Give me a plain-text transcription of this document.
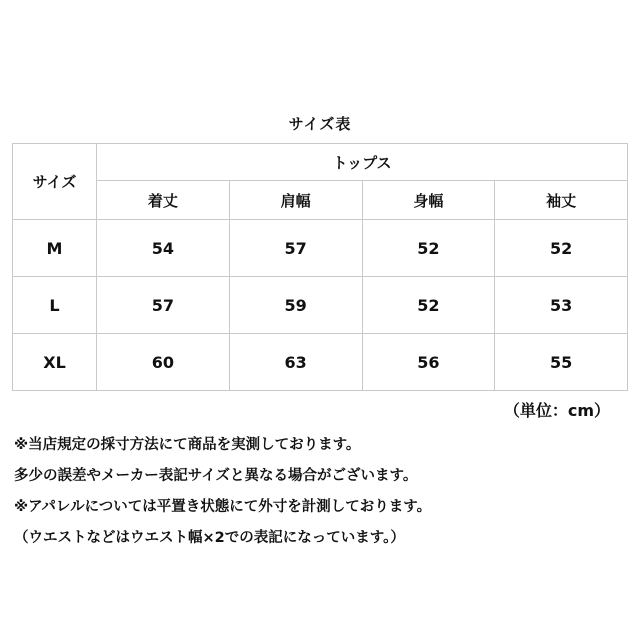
サイズ表
サイズ	トップス			
	着丈	肩幅	身幅	袖丈
M	54	57	52	52
L	57	59	52	53
XL	60	63	56	55
（単位：cm）
※当店規定の採寸方法にて商品を実測しております。
多少の誤差やメーカー表記サイズと異なる場合がございます。
※アパレルについては平置き状態にて外寸を計測しております。
（ウエストなどはウエスト幅×2での表記になっています。）
